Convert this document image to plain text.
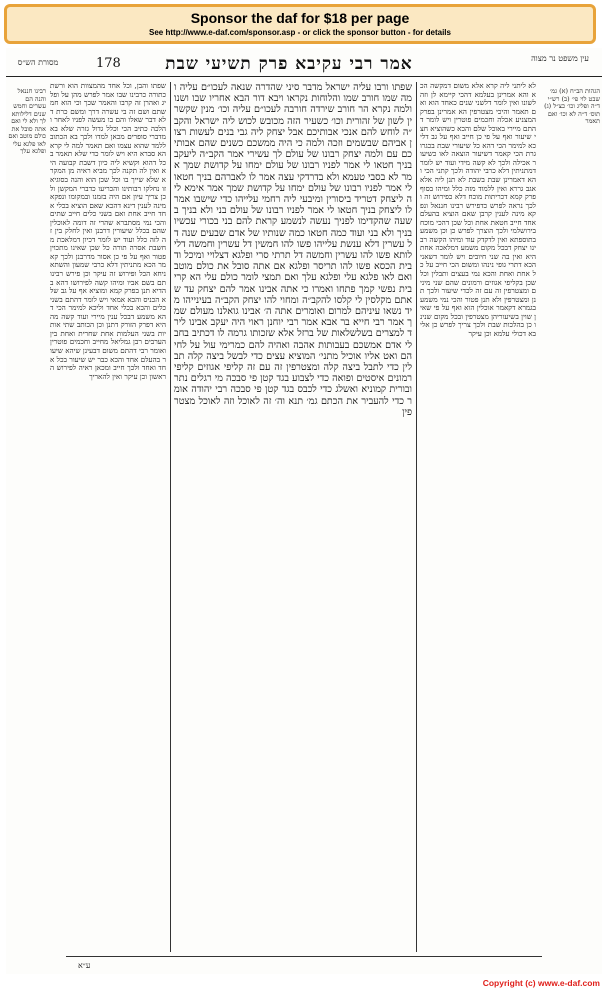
Sponsor the daf for $18 per page
See http://www.e-daf.com/sponsor.asp - or click the sponsor button - for details
178	אמר רבי עקיבא פרק תשיעי שבת
מסורת הש״ס	עין משפט נר מצוה
רבינו חננאל והנה הם עשרים וחמש שנים דלילותא לך ולא לי ואם אתה סובל את כולם מוטב ואם לאו פלגא עלי ופלגא עלך
שפתו והבן, וכל אחד מהמצוות הוא ורשת כתורה כרבינו שבו אמר לפרש מהן על ופליג ואהרן זה קרבו והאמר שכך וכי הוא חמשתם ושם זה בי עשרה דרך ומשם כרת דלא דבר שאלו והם בו מעשה לפניו לאחר והלכה כתיב הכי וכלל גדול גזרה שלא בא מדברי סופרים מכאן למדו ולכך בא הכתוב ללמד שהוא עצמו ואם תאמר למה לי קרא הא סברא היא ויש לומר כדי שלא תאמר בכל דהוא וקשיא ליה כיון דשבת קבועה היא ואין לה תקנה לכך מביא ראיה מן המקרא שלא שייך בו וכל שכן הוא והנה בסוגיא זו נחלקו רבותינו והכריעו כדברי המקשן ולכן צריך עיון אם היה בזמנו ובמקומו ונפקא מינה לענין דינא דהכא שאם הוציא בכלי אחד חייב אחת ואם בשני כלים חייב שתים והכי נמי מסתברא שהרי זה דומה לאוכלין שהם בכלל שיעורין דרבנן ואין לחלק בין זה לזה כלל ועוד יש לומר דכיון דמלאכת מחשבת אסרה תורה כל שכן שאינו מתכוין פטור ואף על פי כן אסור מדרבנן ולכך קאמר הכא מתניתין דלא כרבי שמעון והשתא ניחא הכל ופירוש זה עיקר וכן פירש רבינו תם בשם אביו ומיהו קשה לפירושו דהא בהדיא תנן בפרק קמא ומוציא אף על גב שלא הכניס והכא אמאי ויש לומר דהתם בשני כלים והכא בכלי אחד וליכא למימר הכי דהא משמע דבכל ענין מיירי ועוד קשה מההיא דפרק הזורק דתנן וכן הכותב שתי אותיות בשני העלמות אחת שחרית ואחת בין הערבים רבן גמליאל מחייב וחכמים פוטרין ואומר רבי דהתם משום דבעינן שיהא שיעור בהעלם אחד והכא כבר יש שיעור בכל אחד ואחד ולכך חייב ומכאן ראיה לפירוש הראשון וכן עיקר ואין להאריך
שפתו ורבו עליה ישראל מדבר סיני שהדרה שנאה לעכו״ם עליה ומה שמו חורב שמו והלוחות נקראו ויבא דור הבא אחריו שבו ושנו ולמה נקרא הר חורב שירדה חורבה לעכו״ם עליה וכו׳ מנין שקשרין לשון של זהורית וכו׳ כשעיר הזה מכובש לכוש ליה ישראל והקב״ה לוחש להם אנכי אבותיכם אבל יצחק ליה גבי בנים לעשות רצון אביהם שבשמים וזכה ולמה כי היה ממשכם כשנים שהם אבותיכם עם ולמה יצחק רבונו של עולם לך עשירי אמר הקב״ה ליעקב בניך חטאו לי אמר לפניו רבונו של עולם ימחו על קדושת שמך אמר לא בסבי טעמא ולא בדרדקי עצה אמר לו לאברהם בניך חטאו לי אמר לפניו רבונו של עולם ימחו על קדושת שמך אמר אימא ליה ליצחק דטריד ביסורין ומיבעי ליה רחמי עלייהו כדי שישבו אמר לו ליצחק בניך חטאו לי אמר לפניו רבונו של עולם בני ולא בניך בשעה שהקדימו לפניך נעשה לנשמע קראת להם בני בכורי עכשיו בניך ולא בני ועוד כמה חטאו כמה שנותיו של אדם שבעים שנה דל עשרין דלא ענשת עלייהו פשו להו חמשין דל עשרין וחמשה דלילותא פשו להו עשרין וחמשה דל תרתי סרי ופלגא דצלויי ומיכל ודבית הכסא פשו להו תריסר ופלגא אם אתה סובל את כולם מוטב ואם לאו פלגא עלי ופלגא עלך ואם תמצי לומר כולם עלי הא קריבית נפשי קמך פתחו ואמרו כי אתה אבינו אמר להם יצחק עד שאתם מקלסין לי קלסו להקב״ה ומחוי להו יצחק הקב״ה בעינייהו מיד נשאו עיניהם למרום ואומרים אתה ה׳ אבינו גואלנו מעולם שמך אמר רבי חייא בר אבא אמר רבי יוחנן ראוי היה יעקב אבינו לירד למצרים בשלשלאות של ברזל אלא שזכותו גרמה לו דכתיב בחבלי אדם אמשכם בעבותות אהבה ואהיה להם כמרימי עול על לחיהם ואט אליו אוכיל מתני׳ המוציא עצים כדי לבשל ביצה קלה תבלין כדי לתבל ביצה קלה ומצטרפין זה עם זה קליפי אגוזים קליפי רמונים איסטים ופואה כדי לצבוע בגד קטן פי סבכה מי רגלים נתר ובורית קמוניא ואשלג כדי לכבס בגד קטן פי סבכה רבי יהודה אומר כדי להעביר את הכתם גמ׳ תנא וה׳ זה לאוכל וזה לאוכל מצטרפין
לא ליתני ליה קרא אלא משום דמקשה הכא והא אמרינן בעלמא דהכי קיימא לן וזה לשונו ואין לומר דלשני שנים כאחד הוא ואם תאמר והיכי מצטרפין הא אמרינן בפרק המצניע אכלה וחכמים פוטרין ויש לומר דהתם מיירי באוכל שלם והכא כשהוציא חצי שיעור ואף על פי כן חייב ואף על גב דליכא למימר הכי דהא כל שיעורי שבת בכגרוגרת הכי קאמר דשיעור הוצאה לאו כשיעור אכילה ולכך לא קשה מידי ועוד יש לומר דמתניתין דלא כרבי יהודה ולכך קתני הכי והא דאמרינן שבת בשבת לא תנן ליה אלא אגב גררא ואין ללמוד מזה כלל ומיהו בסוף פרק קמא דכריתות מוכח דלא כפירוש זה ולכך נראה לפרש כדפירש רבינו חננאל ונפקא מינה לענין קרבן שאם הוציא בהעלם אחד חייב חטאת אחת וכל שכן דהכי מוכח בירושלמי ולכך הוצרך לפרש כן וכן משמע בתוספתא ואין לדקדק עוד ומיהו הקשה רבינו יצחק דבכל מקום משמע דמלאכה אחת היא ואין בה שני חיובים ויש לומר דשאני הכא דתרי גופי נינהו ומשום הכי חייב על כל אחת ואחת והכא נמי בעצים ותבלין וכל שכן בקליפי אגוזים ורמונים שהם שני מינים ומצטרפין זה עם זה לכדי שיעור ולכך תנן ומצטרפין ולא תנן פטור והכי נמי משמע בגמרא דקאמר אוכלין הוא ואף על פי שאין שוין בשיעוריהן מצטרפין ובכל מקום שנינו כן בהלכות שבת ולכך צריך לפרש כן אליבא דכולי עלמא וכן עיקר
הגהות הב״ח (א) גמ׳ שבט לוי פי׳ (ב) רש״י ד״ה ופליג וכו׳ כצ״ל (ג) תוס׳ ד״ה לא וכו׳ ואם תאמר
ע״א
Copyright (c) www.e-daf.com
